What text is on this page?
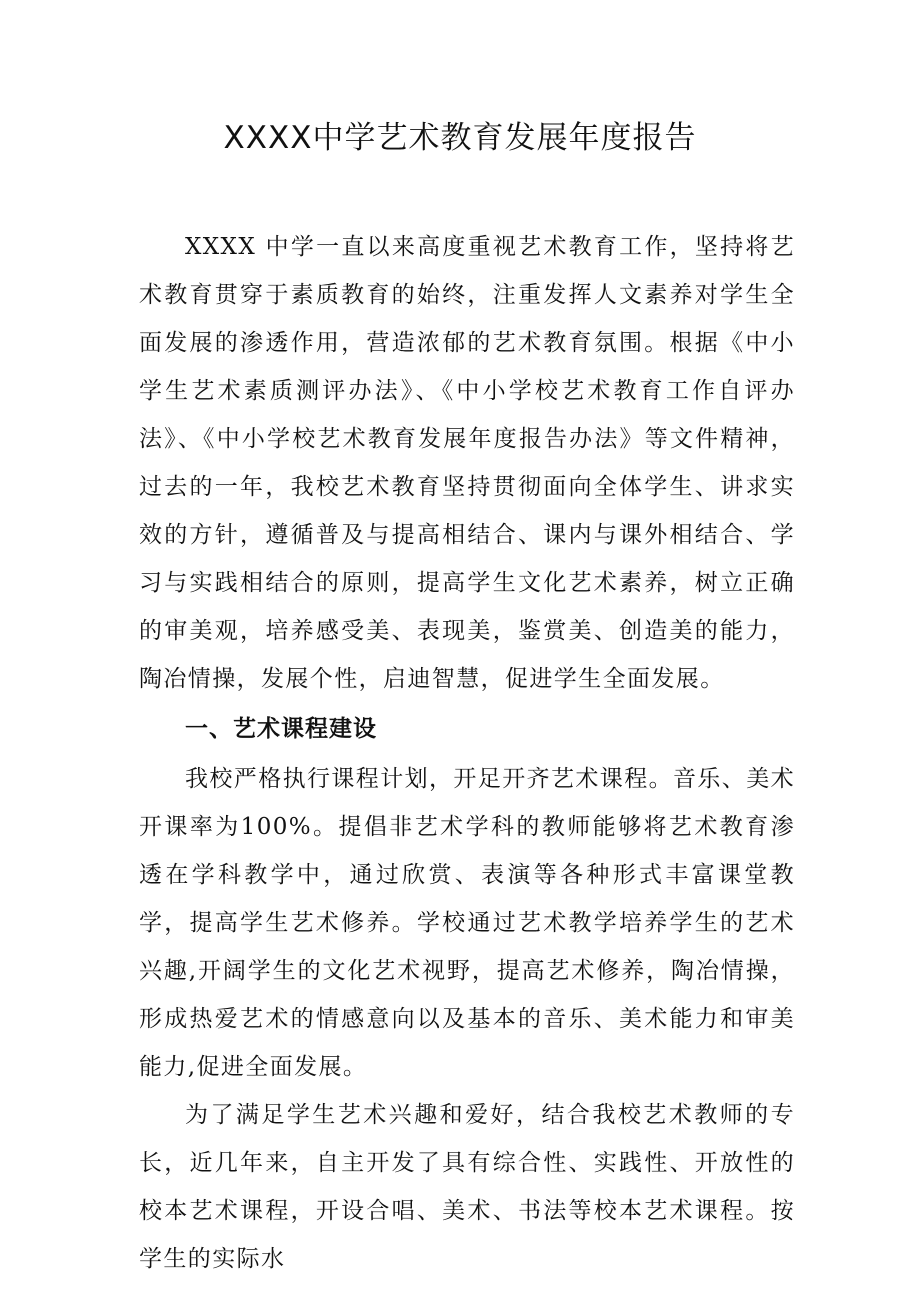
XXXX中学艺术教育发展年度报告

XXXX 中学一直以来高度重视艺术教育工作，坚持将艺术教育贯穿于素质教育的始终，注重发挥人文素养对学生全面发展的渗透作用，营造浓郁的艺术教育氛围。根据《中小学生艺术素质测评办法》、《中小学校艺术教育工作自评办法》、《中小学校艺术教育发展年度报告办法》等文件精神，过去的一年，我校艺术教育坚持贯彻面向全体学生、讲求实效的方针，遵循普及与提高相结合、课内与课外相结合、学习与实践相结合的原则，提高学生文化艺术素养，树立正确的审美观，培养感受美、表现美，鉴赏美、创造美的能力，陶冶情操，发展个性，启迪智慧，促进学生全面发展。

一、艺术课程建设

我校严格执行课程计划，开足开齐艺术课程。音乐、美术开课率为100%。提倡非艺术学科的教师能够将艺术教育渗透在学科教学中，通过欣赏、表演等各种形式丰富课堂教学，提高学生艺术修养。学校通过艺术教学培养学生的艺术兴趣,开阔学生的文化艺术视野，提高艺术修养，陶冶情操，形成热爱艺术的情感意向以及基本的音乐、美术能力和审美能力,促进全面发展。

为了满足学生艺术兴趣和爱好，结合我校艺术教师的专长，近几年来，自主开发了具有综合性、实践性、开放性的校本艺术课程，开设合唱、美术、书法等校本艺术课程。按学生的实际水
